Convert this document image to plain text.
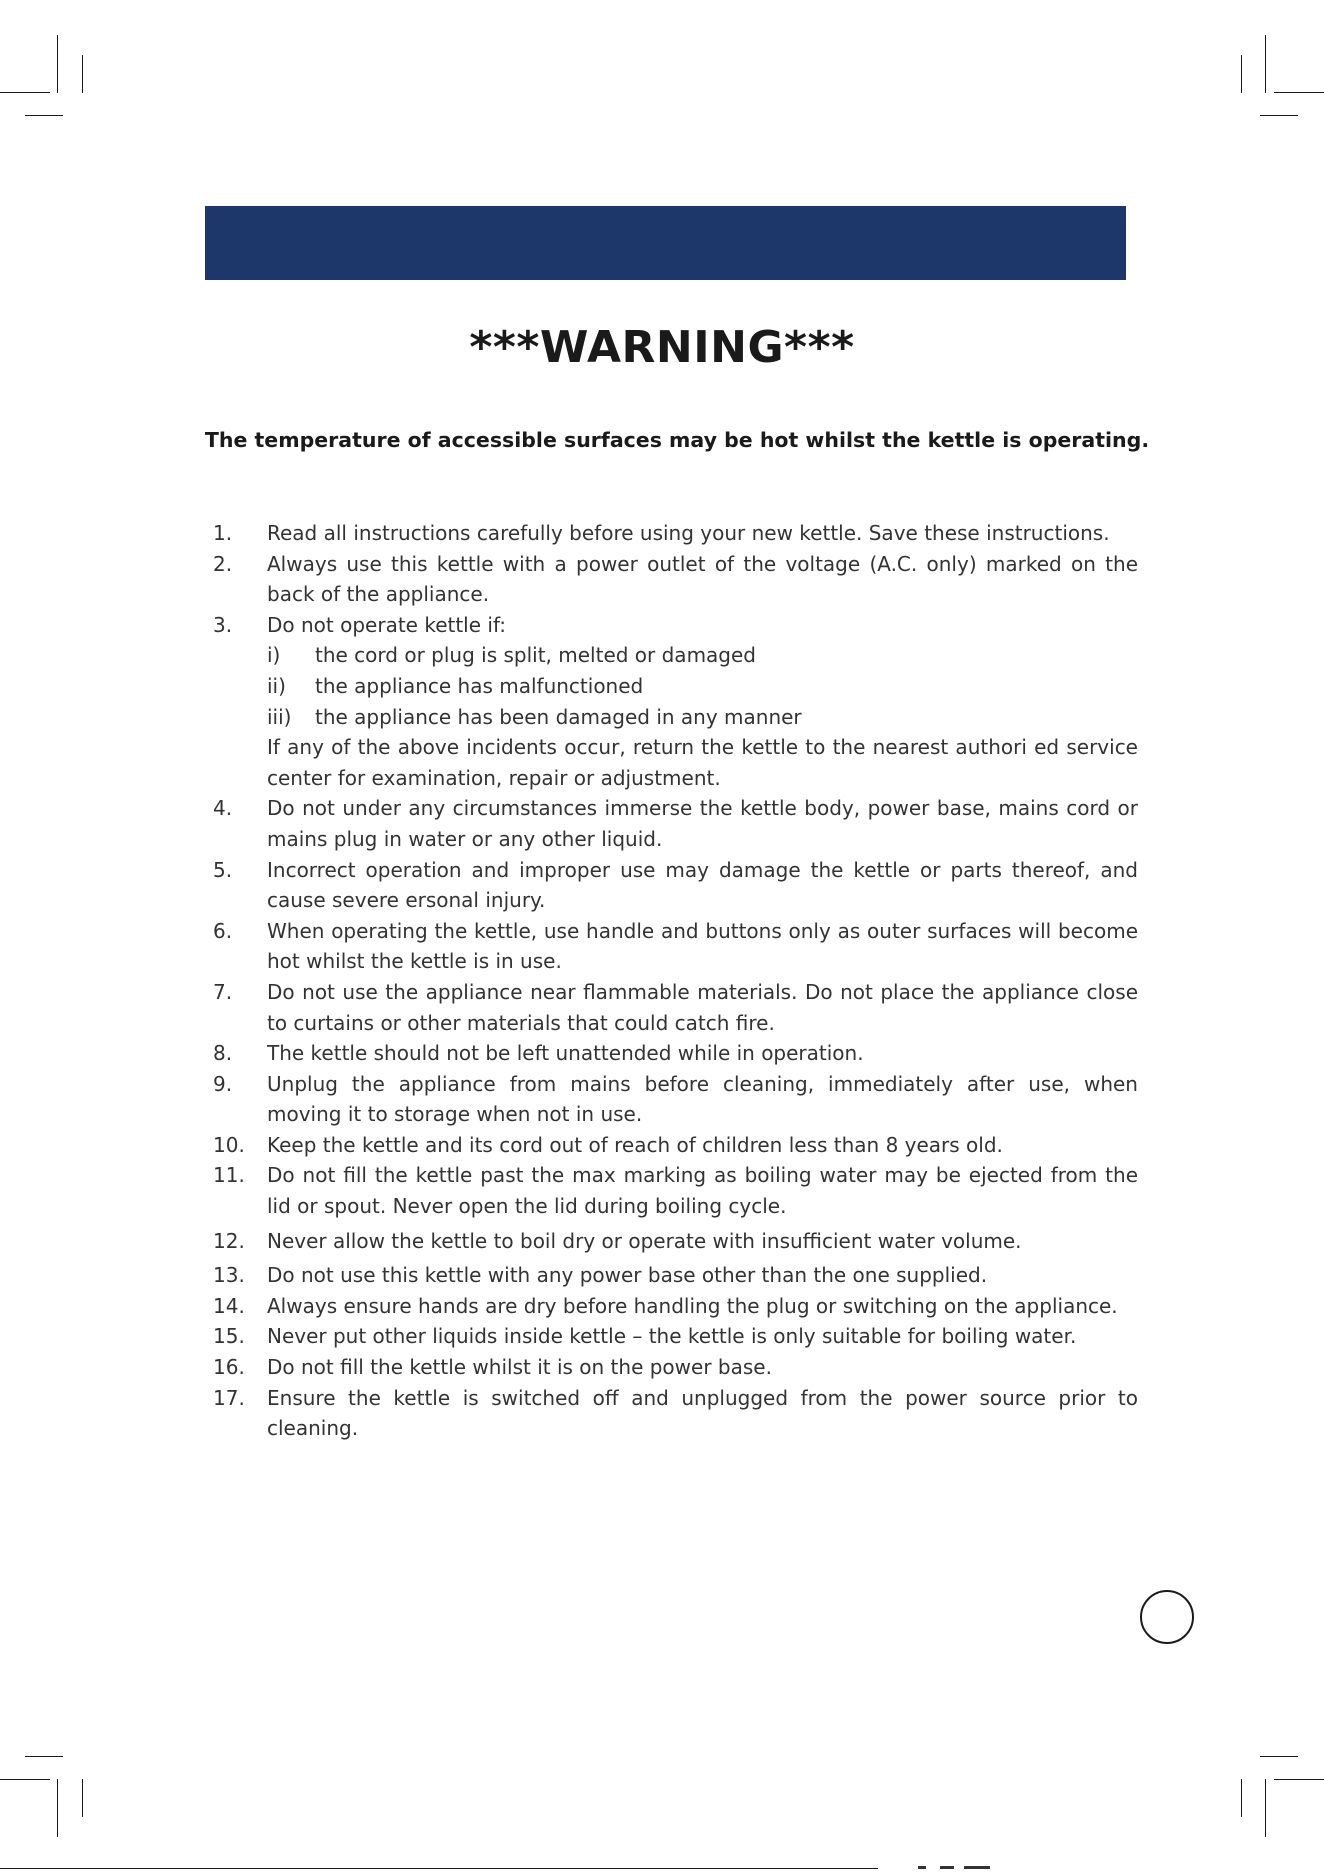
***WARNING***
The temperature of accessible surfaces may be hot whilst the kettle is operating.
1.	Read all instructions carefully before using your new kettle. Save these instructions.
2.	Always use this kettle with a power outlet of the voltage (A.C. only) marked on the back of the appliance.
3.	Do not operate kettle if:
i) the cord or plug is split, melted or damaged
ii) the appliance has malfunctioned
iii) the appliance has been damaged in any manner
If any of the above incidents occur, return the kettle to the nearest authori ed service center for examination, repair or adjustment.
4.	Do not under any circumstances immerse the kettle body, power base, mains cord or mains plug in water or any other liquid.
5.	Incorrect operation and improper use may damage the kettle or parts thereof, and cause severe ersonal injury.
6.	When operating the kettle, use handle and buttons only as outer surfaces will become hot whilst the kettle is in use.
7.	Do not use the appliance near flammable materials. Do not place the appliance close to curtains or other materials that could catch fire.
8.	The kettle should not be left unattended while in operation.
9.	Unplug the appliance from mains before cleaning, immediately after use, when moving it to storage when not in use.
10.	Keep the kettle and its cord out of reach of children less than 8 years old.
11.	Do not fill the kettle past the max marking as boiling water may be ejected from the lid or spout. Never open the lid during boiling cycle.
12.	Never allow the kettle to boil dry or operate with insufficient water volume.
13.	Do not use this kettle with any power base other than the one supplied.
14.	Always ensure hands are dry before handling the plug or switching on the appliance.
15.	Never put other liquids inside kettle – the kettle is only suitable for boiling water.
16.	Do not fill the kettle whilst it is on the power base.
17.	Ensure the kettle is switched off and unplugged from the power source prior to cleaning.
